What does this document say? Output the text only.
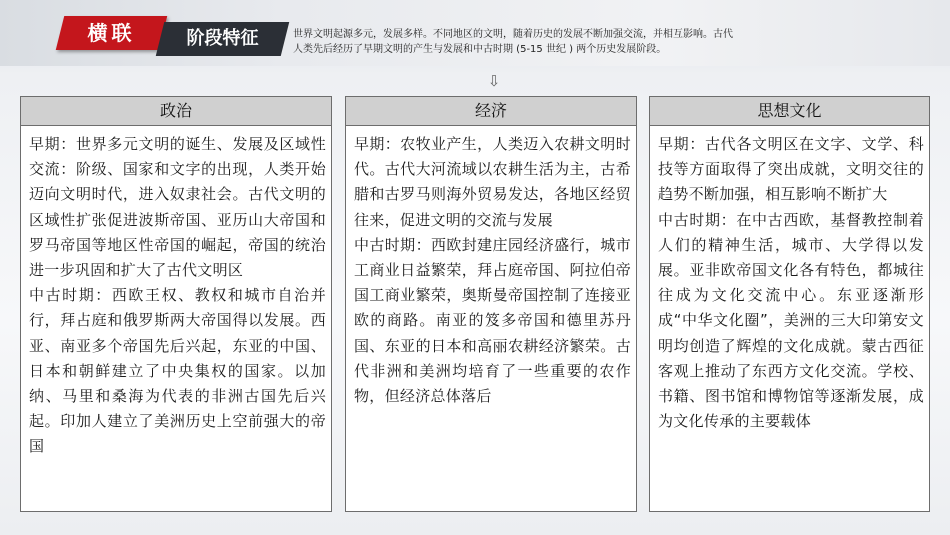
横联	阶段特征	世界文明起源多元，发展多样。不同地区的文明，随着历史的发展不断加强交流，并相互影响。古代
人类先后经历了早期文明的产生与发展和中古时期 (5-15 世纪 ) 两个历史发展阶段。
⇩
政治

早期：世界多元文明的诞生、发展及区域性交流：阶级、国家和文字的出现，人类开始迈向文明时代，进入奴隶社会。古代文明的区域性扩张促进波斯帝国、亚历山大帝国和罗马帝国等地区性帝国的崛起，帝国的统治进一步巩固和扩大了古代文明区

中古时期：西欧王权、教权和城市自治并行，拜占庭和俄罗斯两大帝国得以发展。西亚、南亚多个帝国先后兴起，东亚的中国、日本和朝鲜建立了中央集权的国家。以加纳、马里和桑海为代表的非洲古国先后兴起。印加人建立了美洲历史上空前强大的帝国

经济

早期：农牧业产生，人类迈入农耕文明时代。古代大河流域以农耕生活为主，古希腊和古罗马则海外贸易发达，各地区经贸往来，促进文明的交流与发展

中古时期：西欧封建庄园经济盛行，城市工商业日益繁荣，拜占庭帝国、阿拉伯帝国工商业繁荣，奥斯曼帝国控制了连接亚欧的商路。南亚的笈多帝国和德里苏丹国、东亚的日本和高丽农耕经济繁荣。古代非洲和美洲均培育了一些重要的农作物，但经济总体落后

思想文化

早期：古代各文明区在文字、文学、科技等方面取得了突出成就，文明交往的趋势不断加强，相互影响不断扩大

中古时期：在中古西欧，基督教控制着人们的精神生活，城市、大学得以发展。亚非欧帝国文化各有特色，都城往往成为文化交流中心。东亚逐渐形成“中华文化圈”，美洲的三大印第安文明均创造了辉煌的文化成就。蒙古西征客观上推动了东西方文化交流。学校、书籍、图书馆和博物馆等逐渐发展，成为文化传承的主要载体
